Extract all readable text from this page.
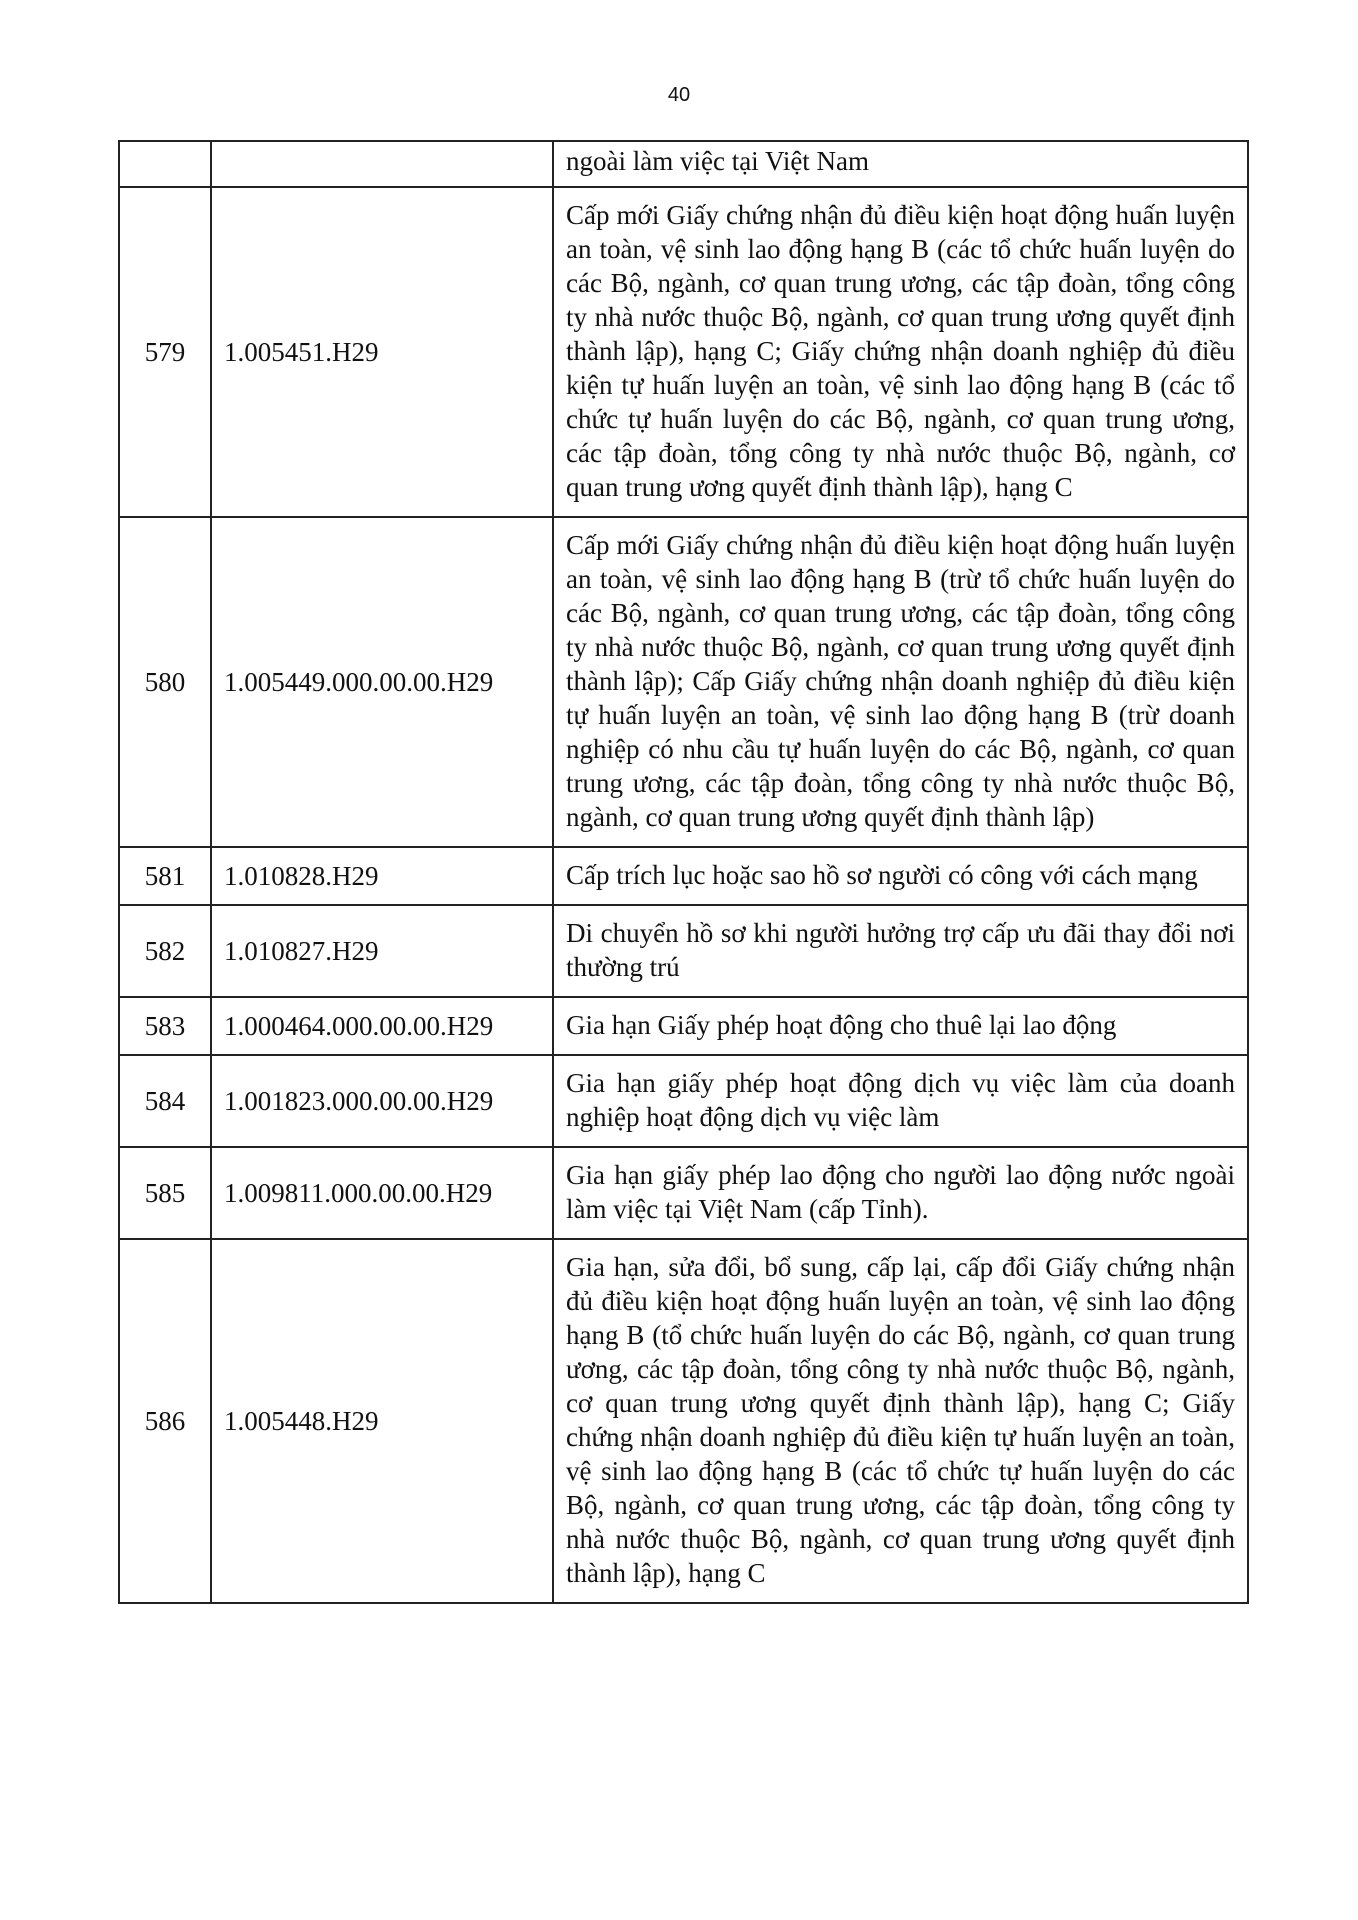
40
		ngoài làm việc tại Việt Nam
579	1.005451.H29	Cấp mới Giấy chứng nhận đủ điều kiện hoạt động huấn luyện an toàn, vệ sinh lao động hạng B (các tổ chức huấn luyện do các Bộ, ngành, cơ quan trung ương, các tập đoàn, tổng công ty nhà nước thuộc Bộ, ngành, cơ quan trung ương quyết định thành lập), hạng C; Giấy chứng nhận doanh nghiệp đủ điều kiện tự huấn luyện an toàn, vệ sinh lao động hạng B (các tổ chức tự huấn luyện do các Bộ, ngành, cơ quan trung ương, các tập đoàn, tổng công ty nhà nước thuộc Bộ, ngành, cơ quan trung ương quyết định thành lập), hạng C
580	1.005449.000.00.00.H29	Cấp mới Giấy chứng nhận đủ điều kiện hoạt động huấn luyện an toàn, vệ sinh lao động hạng B (trừ tổ chức huấn luyện do các Bộ, ngành, cơ quan trung ương, các tập đoàn, tổng công ty nhà nước thuộc Bộ, ngành, cơ quan trung ương quyết định thành lập); Cấp Giấy chứng nhận doanh nghiệp đủ điều kiện tự huấn luyện an toàn, vệ sinh lao động hạng B (trừ doanh nghiệp có nhu cầu tự huấn luyện do các Bộ, ngành, cơ quan trung ương, các tập đoàn, tổng công ty nhà nước thuộc Bộ, ngành, cơ quan trung ương quyết định thành lập)
581	1.010828.H29	Cấp trích lục hoặc sao hồ sơ người có công với cách mạng
582	1.010827.H29	Di chuyển hồ sơ khi người hưởng trợ cấp ưu đãi thay đổi nơi thường trú
583	1.000464.000.00.00.H29	Gia hạn Giấy phép hoạt động cho thuê lại lao động
584	1.001823.000.00.00.H29	Gia hạn giấy phép hoạt động dịch vụ việc làm của doanh nghiệp hoạt động dịch vụ việc làm
585	1.009811.000.00.00.H29	Gia hạn giấy phép lao động cho người lao động nước ngoài làm việc tại Việt Nam (cấp Tỉnh).
586	1.005448.H29	Gia hạn, sửa đổi, bổ sung, cấp lại, cấp đổi Giấy chứng nhận đủ điều kiện hoạt động huấn luyện an toàn, vệ sinh lao động hạng B (tổ chức huấn luyện do các Bộ, ngành, cơ quan trung ương, các tập đoàn, tổng công ty nhà nước thuộc Bộ, ngành, cơ quan trung ương quyết định thành lập), hạng C; Giấy chứng nhận doanh nghiệp đủ điều kiện tự huấn luyện an toàn, vệ sinh lao động hạng B (các tổ chức tự huấn luyện do các Bộ, ngành, cơ quan trung ương, các tập đoàn, tổng công ty nhà nước thuộc Bộ, ngành, cơ quan trung ương quyết định thành lập), hạng C
